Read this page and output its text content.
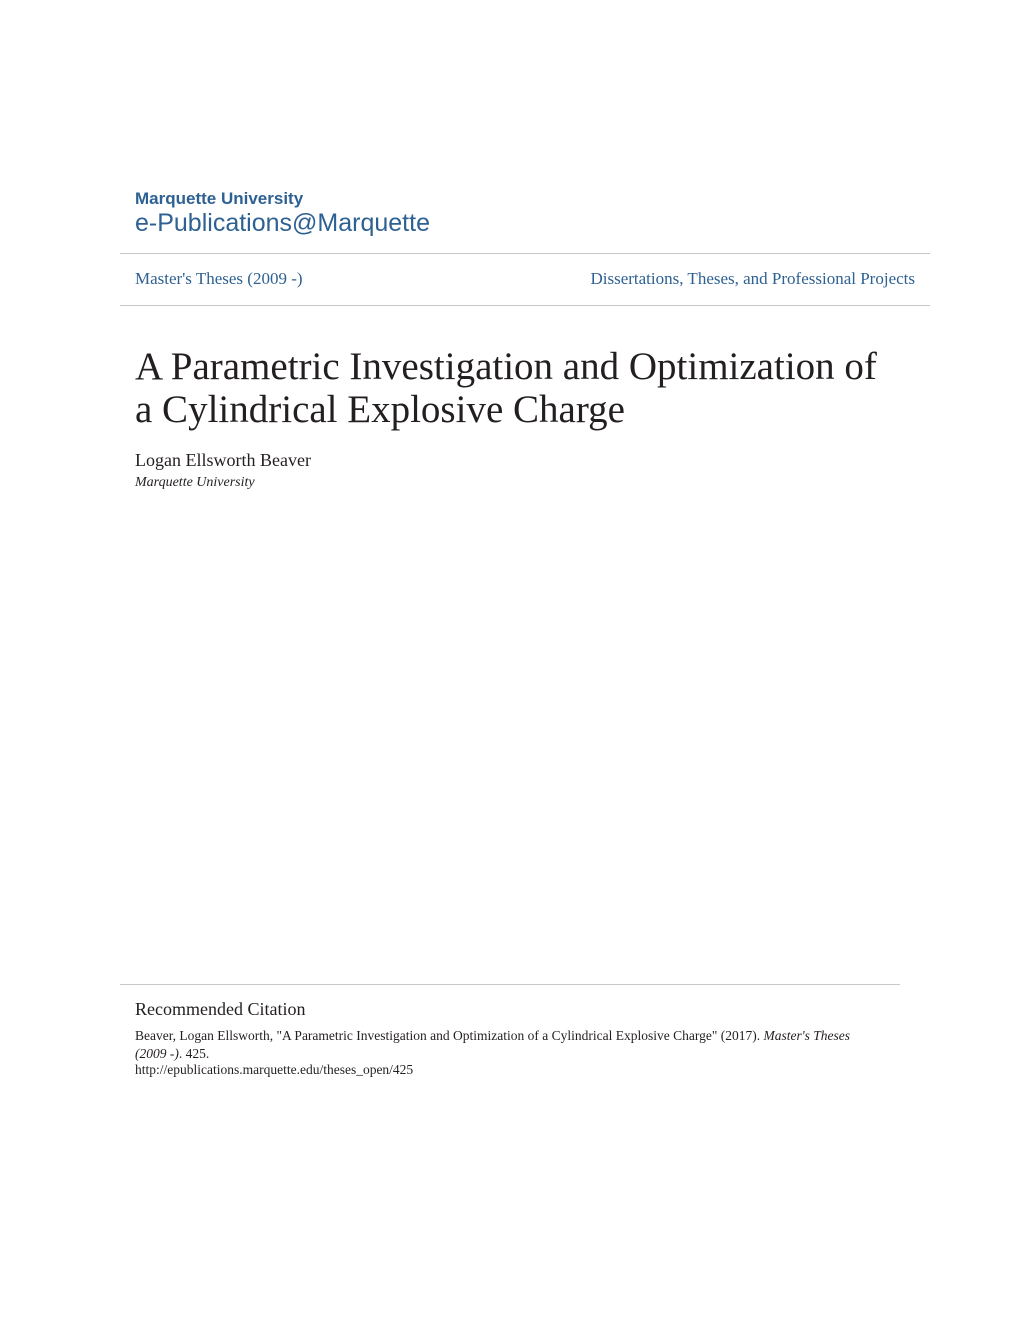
Marquette University
e-Publications@Marquette
Master's Theses (2009 -)	Dissertations, Theses, and Professional Projects
A Parametric Investigation and Optimization of a Cylindrical Explosive Charge
Logan Ellsworth Beaver
Marquette University
Recommended Citation
Beaver, Logan Ellsworth, "A Parametric Investigation and Optimization of a Cylindrical Explosive Charge" (2017). Master's Theses (2009 -). 425.
http://epublications.marquette.edu/theses_open/425
